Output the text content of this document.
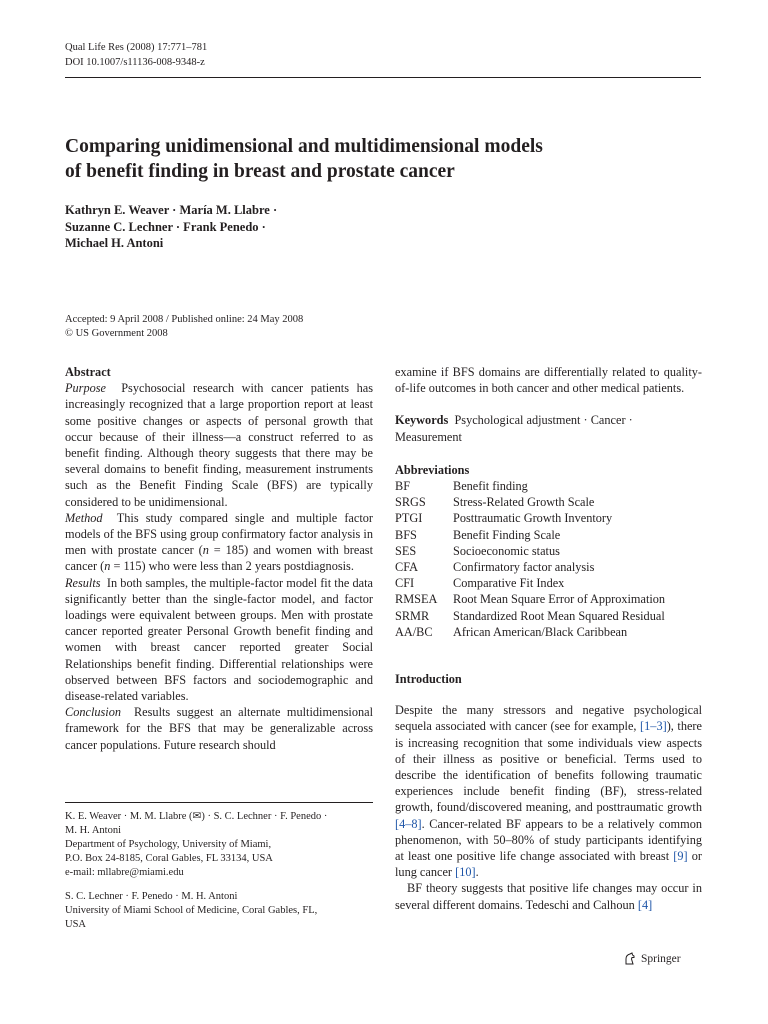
Qual Life Res (2008) 17:771–781
DOI 10.1007/s11136-008-9348-z
Comparing unidimensional and multidimensional models
of benefit finding in breast and prostate cancer
Kathryn E. Weaver · María M. Llabre ·
Suzanne C. Lechner · Frank Penedo ·
Michael H. Antoni
Accepted: 9 April 2008 / Published online: 24 May 2008
© US Government 2008
Abstract

Purpose Psychosocial research with cancer patients has increasingly recognized that a large proportion report at least some positive changes or aspects of personal growth that occur because of their illness—a construct referred to as benefit finding. Although theory suggests that there may be several domains to benefit finding, measurement instruments such as the Benefit Finding Scale (BFS) are typically considered to be unidimensional.

Method This study compared single and multiple factor models of the BFS using group confirmatory factor analysis in men with prostate cancer (n = 185) and women with breast cancer (n = 115) who were less than 2 years postdiagnosis.

Results In both samples, the multiple-factor model fit the data significantly better than the single-factor model, and factor loadings were equivalent between groups. Men with prostate cancer reported greater Personal Growth benefit finding and women with breast cancer reported greater Social Relationships benefit finding. Differential relationships were observed between BFS factors and sociodemographic and disease-related variables.

Conclusion Results suggest an alternate multidimensional framework for the BFS that may be generalizable across cancer populations. Future research should

K. E. Weaver · M. M. Llabre (✉) · S. C. Lechner · F. Penedo ·

M. H. Antoni

Department of Psychology, University of Miami,

P.O. Box 24-8185, Coral Gables, FL 33134, USA

e-mail: mllabre@miami.edu

S. C. Lechner · F. Penedo · M. H. Antoni

University of Miami School of Medicine, Coral Gables, FL,

USA

examine if BFS domains are differentially related to quality-of-life outcomes in both cancer and other medical patients.

Keywords Psychological adjustment · Cancer · Measurement

Abbreviations
BF	Benefit finding
SRGS	Stress-Related Growth Scale
PTGI	Posttraumatic Growth Inventory
BFS	Benefit Finding Scale
SES	Socioeconomic status
CFA	Confirmatory factor analysis
CFI	Comparative Fit Index
RMSEA	Root Mean Square Error of Approximation
SRMR	Standardized Root Mean Squared Residual
AA/BC	African American/Black Caribbean
Introduction

Despite the many stressors and negative psychological sequela associated with cancer (see for example, [1–3]), there is increasing recognition that some individuals view aspects of their illness as positive or beneficial. Terms used to describe the identification of benefits following traumatic experiences include benefit finding (BF), stress-related growth, found/discovered meaning, and posttraumatic growth [4–8]. Cancer-related BF appears to be a relatively common phenomenon, with 50–80% of study participants identifying at least one positive life change associated with breast [9] or lung cancer [10].

BF theory suggests that positive life changes may occur in several different domains. Tedeschi and Calhoun [4]

Springer
